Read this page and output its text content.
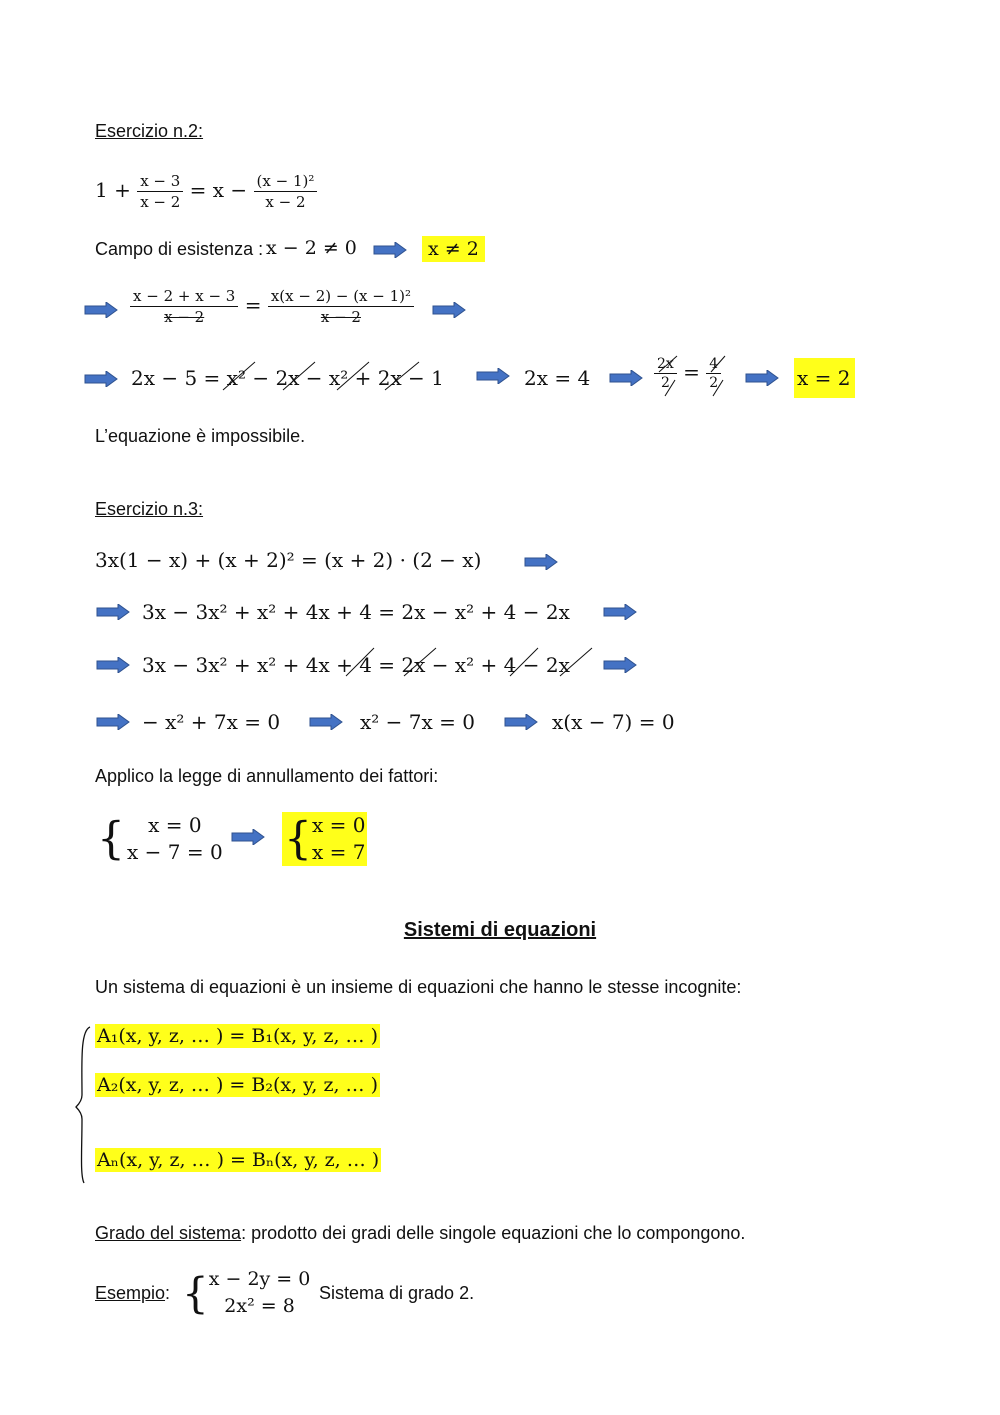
Esercizio n.2:
$1 + \frac{x - 3}{x - 2} = x - \frac{\text{(x − 1)²}}{x - 2}$
Campo di esistenza : x − 2 ≠ 0	x ≠ 2
$\frac{x - 2 + x - 3}{x - 2} = \frac{\text{x(x − 2) − (x − 1)²}}{x - 2}$
2x − 5 = x² − 2x − x² + 2x − 1	2x = 4	$\frac{2x}{2} = \frac{4}{2}$	x = 2
L’equazione è impossibile.
Esercizio n.3:
3x(1 − x) + (x + 2)² = (x + 2) · (2 − x)
3x − 3x² + x² + 4x + 4 = 2x − x² + 4 − 2x
3x − 3x² + x² + 4x + 4 = 2x − x² + 4 − 2x
− x² + 7x = 0	x² − 7x = 0	x(x − 7) = 0
Applico la legge di annullamento dei fattori:
{	x = 0
x − 7 = 0 { x = 0
x = 7
Sistemi di equazioni
Un sistema di equazioni è un insieme di equazioni che hanno le stesse incognite:
A₁(x, y, z, … ) = B₁(x, y, z, … )
A₂(x, y, z, … ) = B₂(x, y, z, … )
Aₙ(x, y, z, … ) = Bₙ(x, y, z, … )
Grado del sistema: prodotto dei gradi delle singole equazioni che lo compongono.
Esempio: { x − 2y = 0
2x² = 8
Sistema di grado 2.
